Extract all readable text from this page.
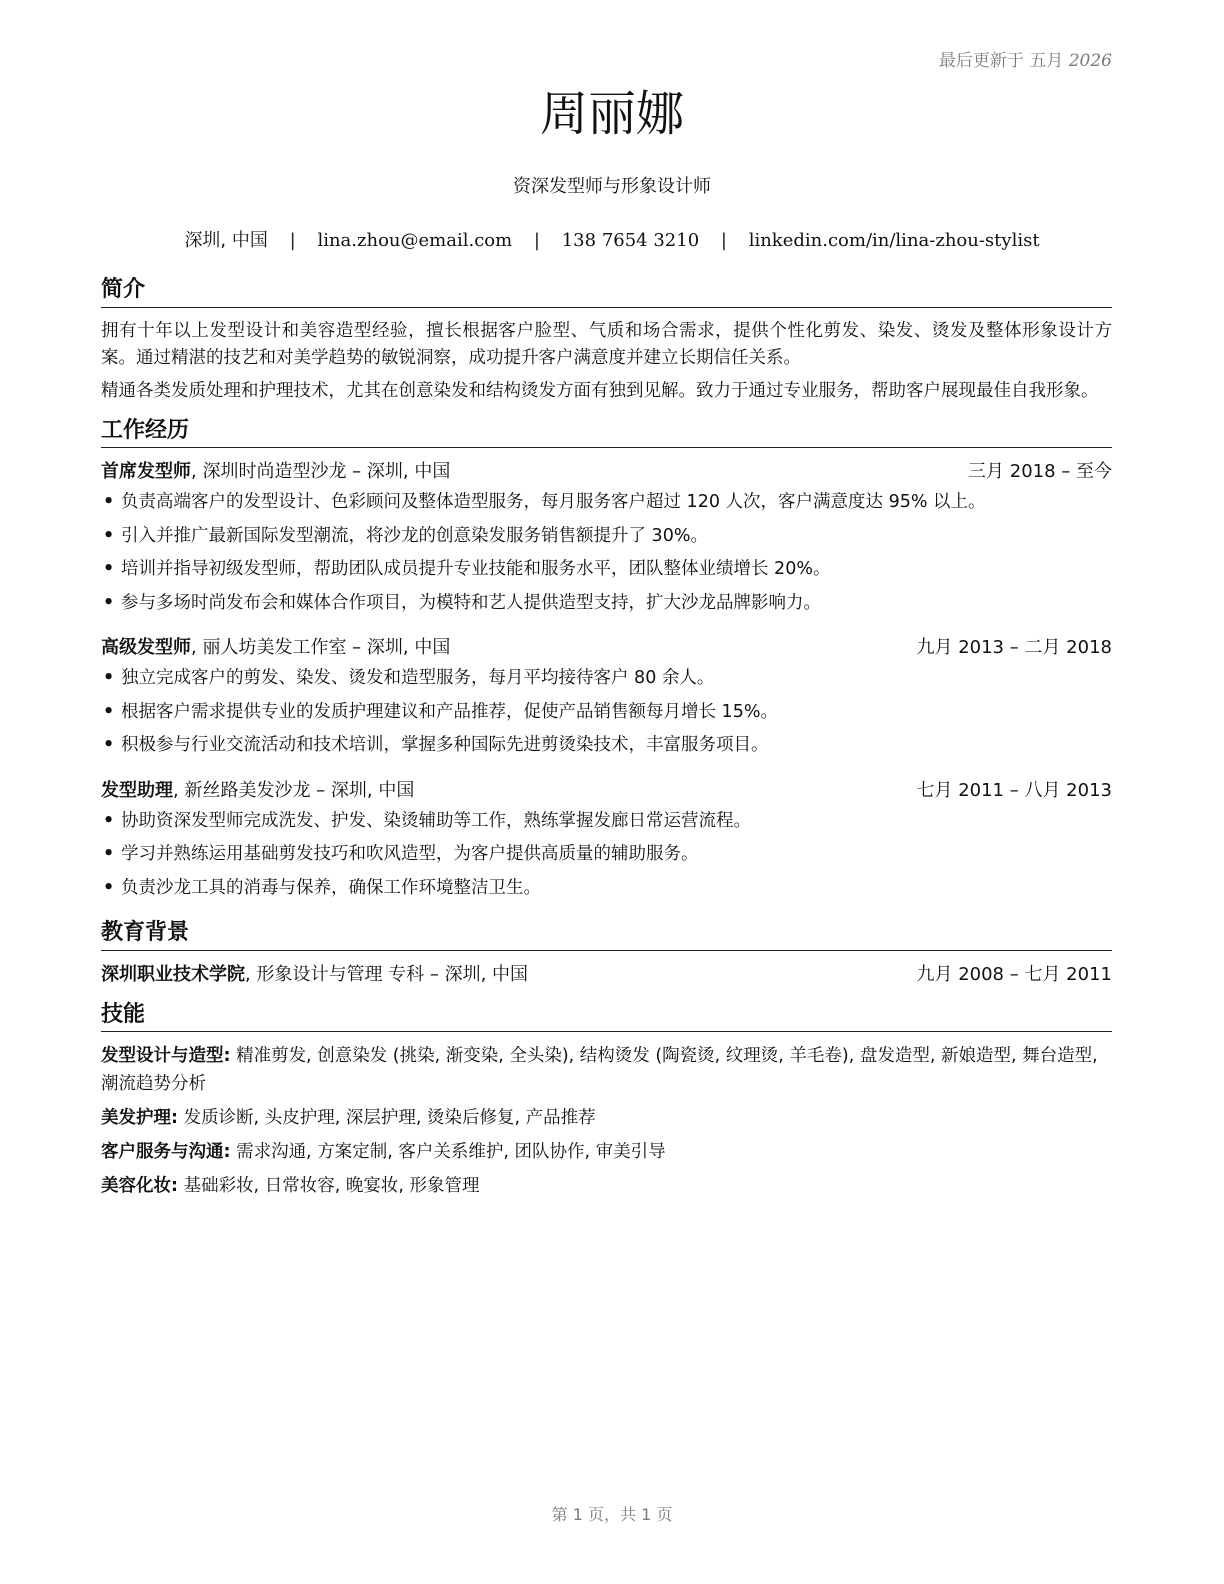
最后更新于 五月 2026
周丽娜
资深发型师与形象设计师
深圳, 中国 | lina.zhou@email.com | 138 7654 3210 | linkedin.com/in/lina-zhou-stylist
简介

拥有十年以上发型设计和美容造型经验，擅长根据客户脸型、气质和场合需求，提供个性化剪发、染发、烫发及整体形象设计方案。通过精湛的技艺和对美学趋势的敏锐洞察，成功提升客户满意度并建立长期信任关系。

精通各类发质处理和护理技术，尤其在创意染发和结构烫发方面有独到见解。致力于通过专业服务，帮助客户展现最佳自我形象。

工作经历
首席发型师, 深圳时尚造型沙龙 – 深圳, 中国	三月 2018 – 至今
• 负责高端客户的发型设计、色彩顾问及整体造型服务，每月服务客户超过 120 人次，客户满意度达 95% 以上。
• 引入并推广最新国际发型潮流，将沙龙的创意染发服务销售额提升了 30%。
• 培训并指导初级发型师，帮助团队成员提升专业技能和服务水平，团队整体业绩增长 20%。
• 参与多场时尚发布会和媒体合作项目，为模特和艺人提供造型支持，扩大沙龙品牌影响力。
高级发型师, 丽人坊美发工作室 – 深圳, 中国	九月 2013 – 二月 2018
• 独立完成客户的剪发、染发、烫发和造型服务，每月平均接待客户 80 余人。
• 根据客户需求提供专业的发质护理建议和产品推荐，促使产品销售额每月增长 15%。
• 积极参与行业交流活动和技术培训，掌握多种国际先进剪烫染技术，丰富服务项目。
发型助理, 新丝路美发沙龙 – 深圳, 中国	七月 2011 – 八月 2013
• 协助资深发型师完成洗发、护发、染烫辅助等工作，熟练掌握发廊日常运营流程。
• 学习并熟练运用基础剪发技巧和吹风造型，为客户提供高质量的辅助服务。
• 负责沙龙工具的消毒与保养，确保工作环境整洁卫生。
教育背景
深圳职业技术学院, 形象设计与管理 专科 – 深圳, 中国	九月 2008 – 七月 2011
技能

发型设计与造型: 精准剪发, 创意染发 (挑染, 渐变染, 全头染), 结构烫发 (陶瓷烫, 纹理烫, 羊毛卷), 盘发造型, 新娘造型, 舞台造型, 潮流趋势分析

美发护理: 发质诊断, 头皮护理, 深层护理, 烫染后修复, 产品推荐

客户服务与沟通: 需求沟通, 方案定制, 客户关系维护, 团队协作, 审美引导

美容化妆: 基础彩妆, 日常妆容, 晚宴妆, 形象管理

第 1 页，共 1 页
